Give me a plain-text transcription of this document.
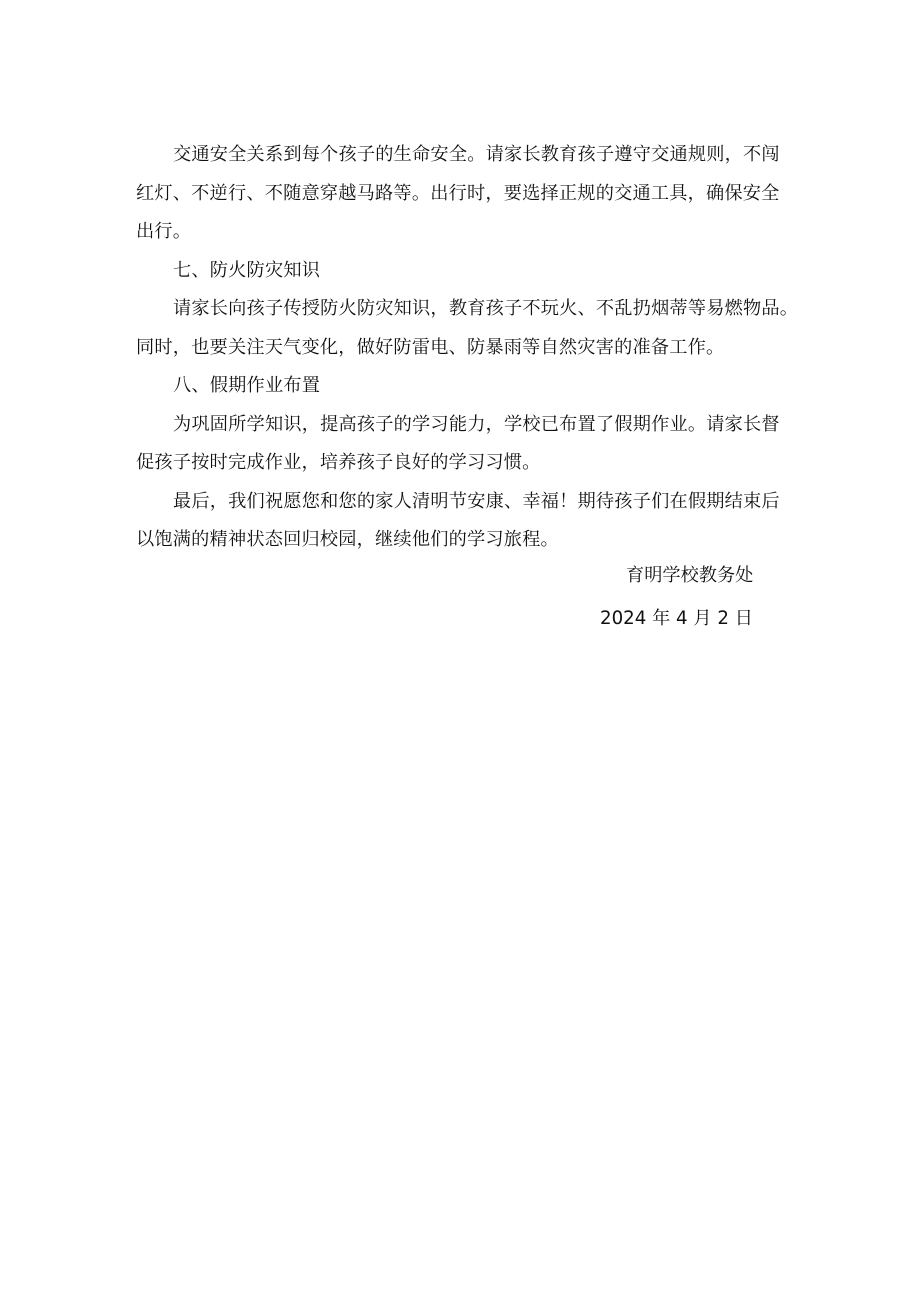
交通安全关系到每个孩子的生命安全。请家长教育孩子遵守交通规则，不闯
红灯、不逆行、不随意穿越马路等。出行时，要选择正规的交通工具，确保安全
出行。
七、防火防灾知识
请家长向孩子传授防火防灾知识，教育孩子不玩火、不乱扔烟蒂等易燃物品。
同时，也要关注天气变化，做好防雷电、防暴雨等自然灾害的准备工作。
八、假期作业布置
为巩固所学知识，提高孩子的学习能力，学校已布置了假期作业。请家长督
促孩子按时完成作业，培养孩子良好的学习习惯。
最后，我们祝愿您和您的家人清明节安康、幸福！期待孩子们在假期结束后
以饱满的精神状态回归校园，继续他们的学习旅程。
育明学校教务处
2024 年 4 月 2 日
